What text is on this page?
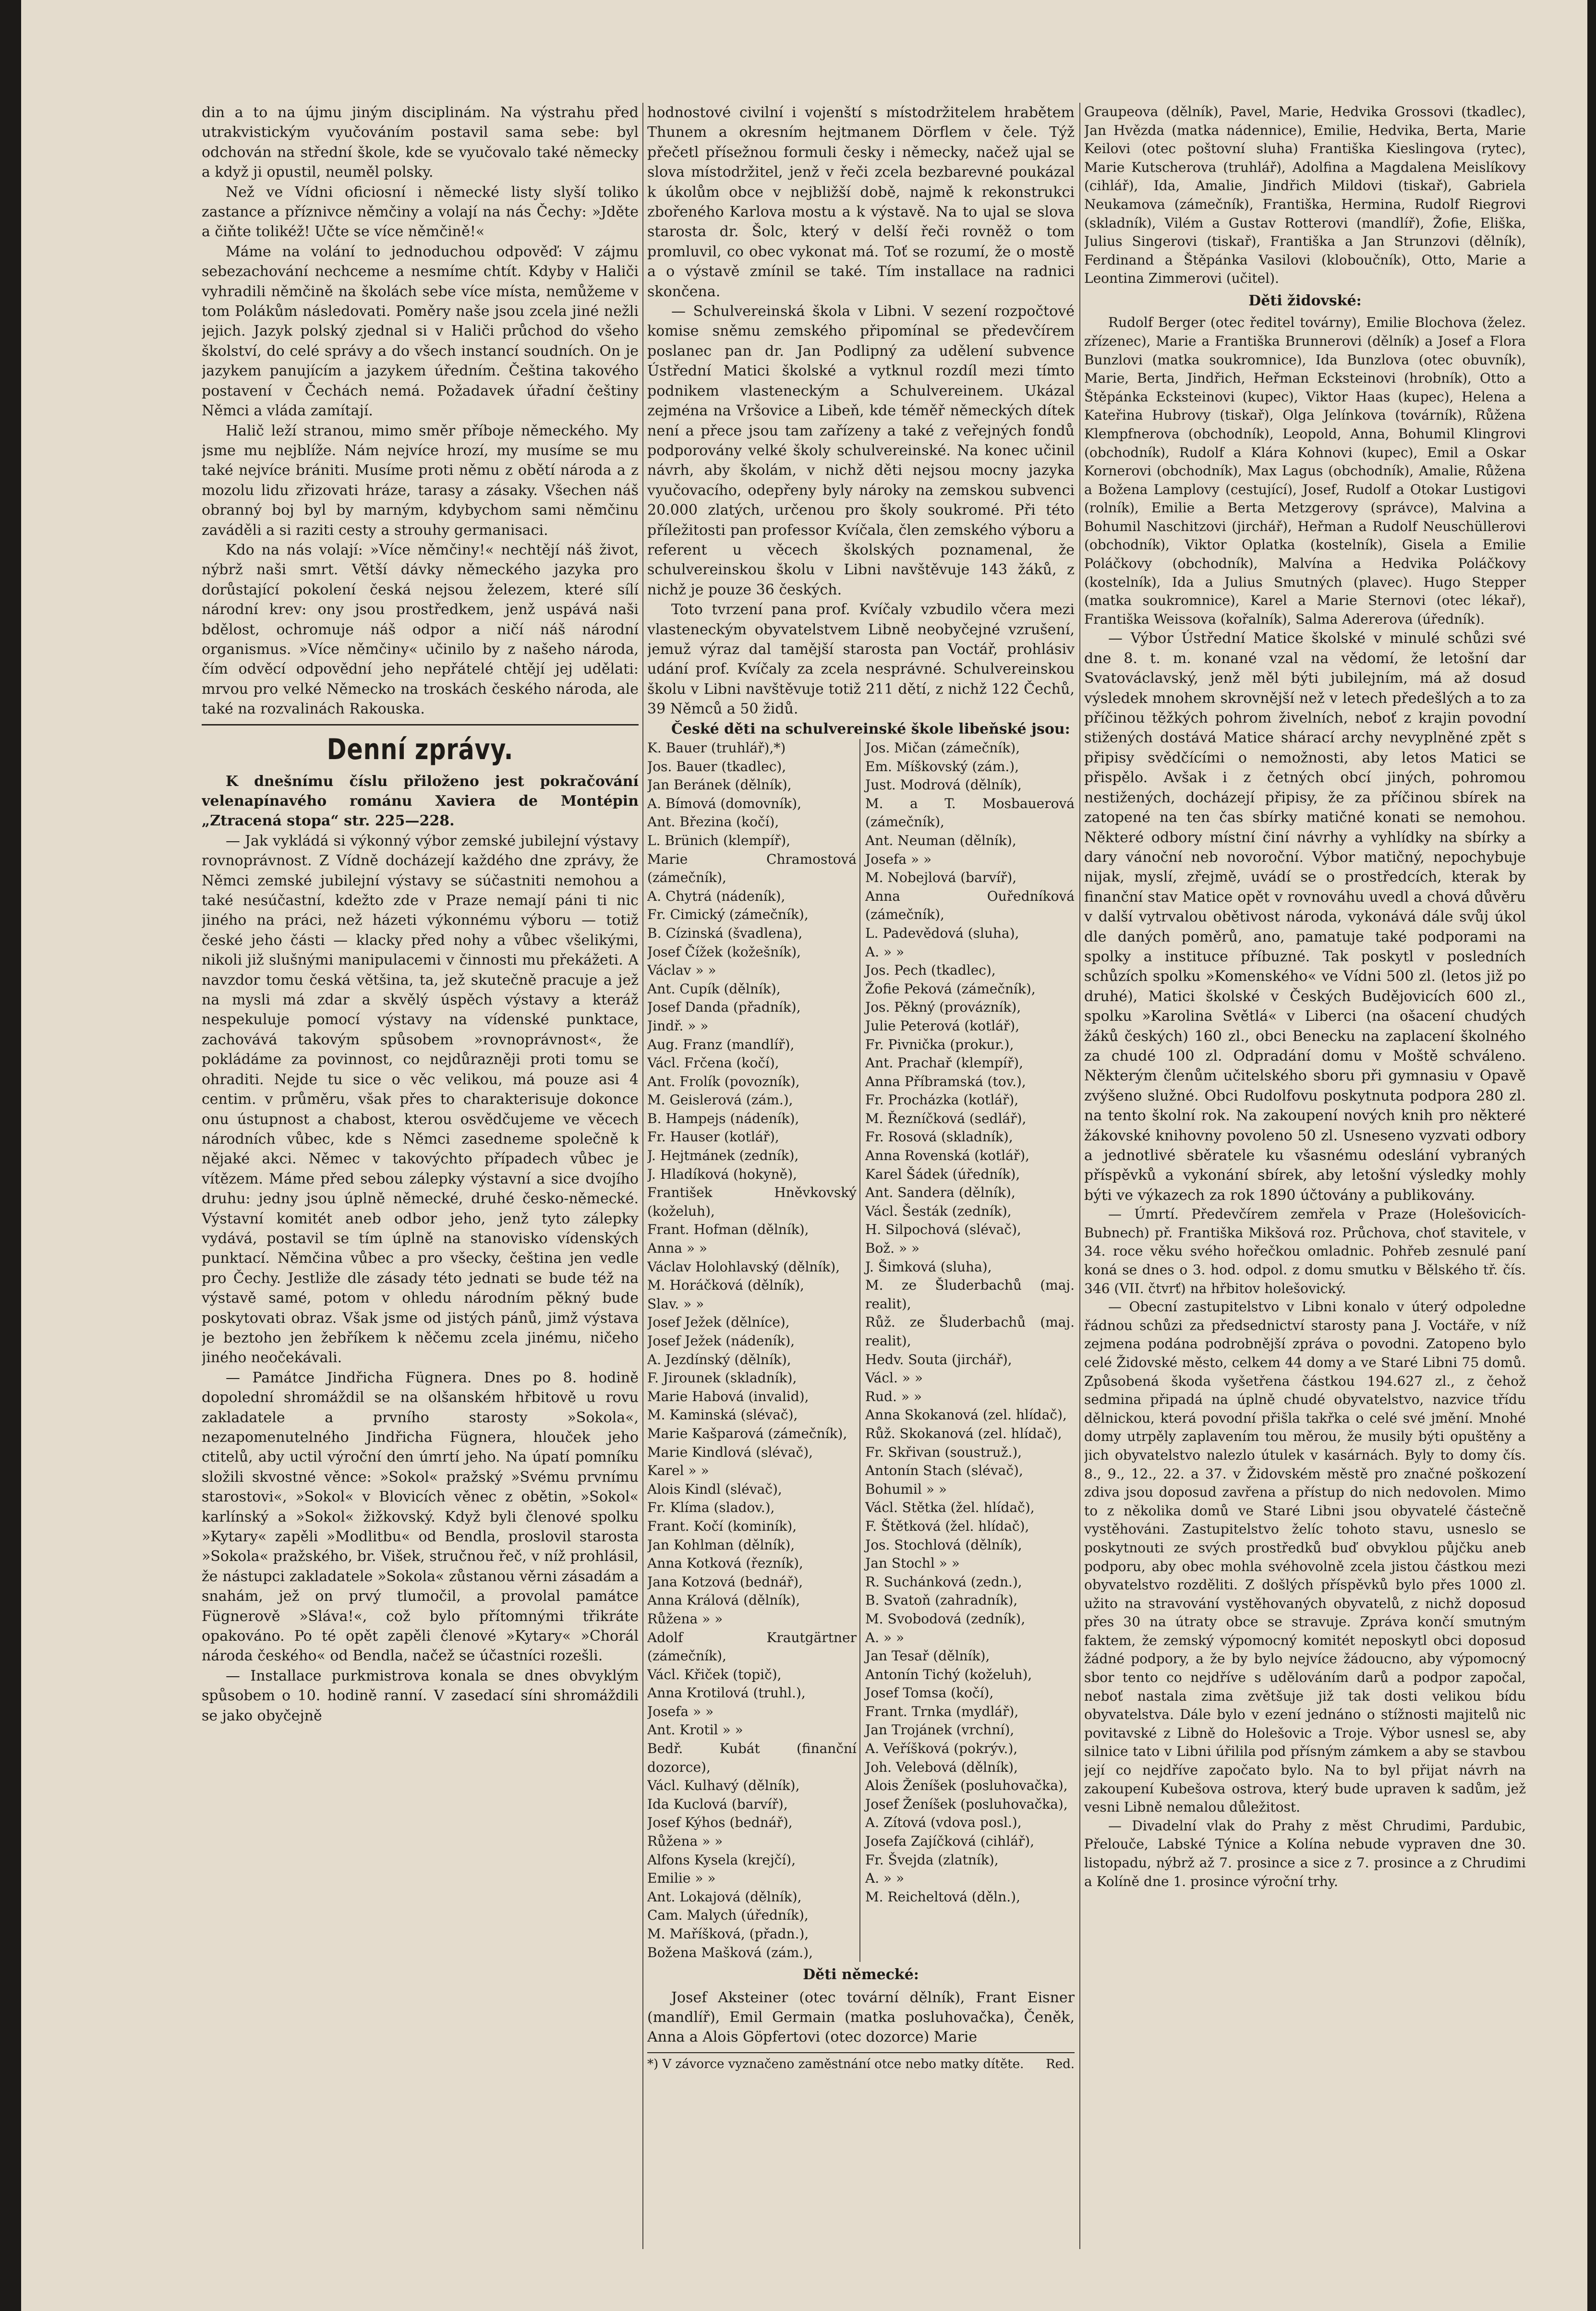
din a to na újmu jiným disciplinám. Na výstrahu před utrakvistickým vyučováním postavil sama sebe: byl odchován na střední škole, kde se vyučovalo také německy a když ji opustil, neuměl polsky.

Než ve Vídni oficiosní i německé listy slyší toliko zastance a příznivce němčiny a volají na nás Čechy: »Jděte a čiňte tolikéž! Učte se více němčině!«

Máme na volání to jednoduchou odpověď: V zájmu sebezachování nechceme a nesmíme chtít. Kdyby v Haliči vyhradili němčině na školách sebe více místa, nemůžeme v tom Polákům následovati. Poměry naše jsou zcela jiné nežli jejich. Jazyk polský zjednal si v Haliči průchod do všeho školství, do celé správy a do všech instancí soudních. On je jazykem panujícím a jazykem úředním. Čeština takového postavení v Čechách nemá. Požadavek úřadní češtiny Němci a vláda zamítají.

Halič leží stranou, mimo směr příboje německého. My jsme mu nejblíže. Nám nejvíce hrozí, my musíme se mu také nejvíce brániti. Musíme proti němu z obětí národa a z mozolu lidu zřizovati hráze, tarasy a zásaky. Všechen náš obranný boj byl by marným, kdybychom sami němčinu zaváděli a si raziti cesty a strouhy germanisaci.

Kdo na nás volají: »Více němčiny!« nechtějí náš život, nýbrž naši smrt. Větší dávky německého jazyka pro dorůstající pokolení česká nejsou železem, které sílí národní krev: ony jsou prostředkem, jenž uspává naši bdělost, ochromuje náš odpor a ničí náš národní organismus. »Více němčiny« učinilo by z našeho národa, čím odvěcí odpovědní jeho nepřátelé chtějí jej udělati: mrvou pro velké Německo na troskách českého národa, ale také na rozvalinách Rakouska.

Denní zprávy.

K dnešnímu číslu přiloženo jest pokračování velenapínavého románu Xaviera de Montépin „Ztracená stopa“ str. 225—228.

— Jak vykládá si výkonný výbor zemské jubilejní výstavy rovnoprávnost. Z Vídně docházejí každého dne zprávy, že Němci zemské jubilejní výstavy se súčastniti nemohou a také nesúčastní, kdežto zde v Praze nemají páni ti nic jiného na práci, než házeti výkonnému výboru — totiž české jeho části — klacky před nohy a vůbec všelikými, nikoli již slušnými manipulacemi v činnosti mu překážeti. A navzdor tomu česká většina, ta, jež skutečně pracuje a jež na mysli má zdar a skvělý úspěch výstavy a kteráž nespekuluje pomocí výstavy na vídenské punktace, zachovává takovým spůsobem »rovnoprávnost«, že pokládáme za povinnost, co nejdůrazněji proti tomu se ohraditi. Nejde tu sice o věc velikou, má pouze asi 4 centim. v průměru, však přes to charakterisuje dokonce onu ústupnost a chabost, kterou osvědčujeme ve věcech národních vůbec, kde s Němci zasedneme společně k nějaké akci. Němec v takovýchto případech vůbec je vítězem. Máme před sebou zálepky výstavní a sice dvojího druhu: jedny jsou úplně německé, druhé česko-německé. Výstavní komitét aneb odbor jeho, jenž tyto zálepky vydává, postavil se tím úplně na stanovisko vídenských punktací. Němčina vůbec a pro všecky, čeština jen vedle pro Čechy. Jestliže dle zásady této jednati se bude též na výstavě samé, potom v ohledu národním pěkný bude poskytovati obraz. Však jsme od jistých pánů, jimž výstava je beztoho jen žebříkem k něčemu zcela jinému, ničeho jiného neočekávali.

— Památce Jindřicha Fügnera. Dnes po 8. hodině dopolední shromáždil se na olšanském hřbitově u rovu zakladatele a prvního starosty »Sokola«, nezapomenutelného Jindřicha Fügnera, hlouček jeho ctitelů, aby uctil výroční den úmrtí jeho. Na úpatí pomníku složili skvostné věnce: »Sokol« pražský »Svému prvnímu starostovi«, »Sokol« v Blovicích věnec z obětin, »Sokol« karlínský a »Sokol« žižkovský. Když byli členové spolku »Kytary« zapěli »Modlitbu« od Bendla, proslovil starosta »Sokola« pražského, br. Višek, stručnou řeč, v níž prohlásil, že nástupci zakladatele »Sokola« zůstanou věrni zásadám a snahám, jež on prvý tlumočil, a provolal památce Fügnerově »Sláva!«, což bylo přítomnými třikráte opakováno. Po té opět zapěli členové »Kytary« »Chorál národa českého« od Bendla, načež se účastníci rozešli.

— Installace purkmistrova konala se dnes obvyklým spůsobem o 10. hodině ranní. V zasedací síni shromáždili se jako obyčejně

hodnostové civilní i vojenští s místodržitelem hrabětem Thunem a okresním hejtmanem Dörflem v čele. Týž přečetl přísežnou formuli česky i německy, načež ujal se slova místodržitel, jenž v řeči zcela bezbarevné poukázal k úkolům obce v nejbližší době, najmě k rekonstrukci zbořeného Karlova mostu a k výstavě. Na to ujal se slova starosta dr. Šolc, který v delší řeči rovněž o tom promluvil, co obec vykonat má. Toť se rozumí, že o mostě a o výstavě zmínil se také. Tím installace na radnici skončena.

— Schulvereinská škola v Libni. V sezení rozpočtové komise sněmu zemského připomínal se předevčírem poslanec pan dr. Jan Podlipný za udělení subvence Ústřední Matici školské a vytknul rozdíl mezi tímto podnikem vlasteneckým a Schulvereinem. Ukázal zejména na Vršovice a Libeň, kde téměř německých dítek není a přece jsou tam zařízeny a také z veřejných fondů podporovány velké školy schulvereinské. Na konec učinil návrh, aby školám, v nichž děti nejsou mocny jazyka vyučovacího, odepřeny byly nároky na zemskou subvenci 20.000 zlatých, určenou pro školy soukromé. Při této příležitosti pan professor Kvíčala, člen zemského výboru a referent u věcech školských poznamenal, že schulvereinskou školu v Libni navštěvuje 143 žáků, z nichž je pouze 36 českých.

Toto tvrzení pana prof. Kvíčaly vzbudilo včera mezi vlasteneckým obyvatelstvem Libně neobyčejné vzrušení, jemuž výraz dal tamější starosta pan Voctář, prohlásiv udání prof. Kvíčaly za zcela nesprávné. Schulvereinskou školu v Libni navštěvuje totiž 211 dětí, z nichž 122 Čechů, 39 Němců a 50 židů.

České děti na schulvereinské škole libeňské jsou:

K. Bauer (truhlář),*)
Jos. Bauer (tkadlec),
Jan Beránek (dělník),
A. Bímová (domovník),
Ant. Březina (kočí),
L. Brünich (klempíř),
Marie Chramostová (zámečník),
A. Chytrá (nádeník),
Fr. Cimický (zámečník),
B. Cízinská (švadlena),
Josef Čížek (kožešník),
Václav » »
Ant. Cupík (dělník),
Josef Danda (přadník),
Jindř. » »
Aug. Franz (mandlíř),
Václ. Frčena (kočí),
Ant. Frolík (povozník),
M. Geislerová (zám.),
B. Hampejs (nádeník),
Fr. Hauser (kotlář),
J. Hejtmánek (zedník),
J. Hladíková (hokyně),
František Hněvkovský (koželuh),
Frant. Hofman (dělník),
Anna » »
Václav Holohlavský (dělník),
M. Horáčková (dělník),
Slav. » »
Josef Ježek (dělníce),
Josef Ježek (nádeník),
A. Jezdínský (dělník),
F. Jirounek (skladník),
Marie Habová (invalid),
M. Kaminská (slévač),
Marie Kašparová (zámečník),
Marie Kindlová (slévač),
Karel » »
Alois Kindl (slévač),
Fr. Klíma (sladov.),
Frant. Kočí (kominík),
Jan Kohlman (dělník),
Anna Kotková (řezník),
Jana Kotzová (bednář),
Anna Králová (dělník),
Růžena » »
Adolf Krautgärtner (zámečník),
Václ. Křiček (topič),
Anna Krotilová (truhl.),
Josefa » »
Ant. Krotil » »
Bedř. Kubát (finanční dozorce),
Václ. Kulhavý (dělník),
Ida Kuclová (barvíř),
Josef Kýhos (bednář),
Růžena » »
Alfons Kysela (krejčí),
Emilie » »
Ant. Lokajová (dělník),
Cam. Malych (úředník),
M. Maříšková, (přadn.),
Božena Mašková (zám.),
Jos. Mičan (zámečník),
Em. Míškovský (zám.),
Just. Modrová (dělník),
M. a T. Mosbauerová (zámečník),
Ant. Neuman (dělník),
Josefa » »
M. Nobejlová (barvíř),
Anna Ouředníková (zámečník),
L. Padevědová (sluha),
A. » »
Jos. Pech (tkadlec),
Žofie Peková (zámečník),
Jos. Pěkný (provázník),
Julie Peterová (kotlář),
Fr. Pivnička (prokur.),
Ant. Prachař (klempíř),
Anna Příbramská (tov.),
Fr. Procházka (kotlář),
M. Řezníčková (sedlář),
Fr. Rosová (skladník),
Anna Rovenská (kotlář),
Karel Šádek (úředník),
Ant. Sandera (dělník),
Václ. Šesták (zedník),
H. Silpochová (slévač),
Bož. » »
J. Šimková (sluha),
M. ze Šluderbachů (maj. realit),
Růž. ze Šluderbachů (maj. realit),
Hedv. Souta (jirchář),
Václ. » »
Rud. » »
Anna Skokanová (zel. hlídač),
Růž. Skokanová (zel. hlídač),
Fr. Skřivan (soustruž.),
Antonín Stach (slévač),
Bohumil » »
Václ. Stětka (žel. hlídač),
F. Štětková (žel. hlídač),
Jos. Stochlová (dělník),
Jan Stochl » »
R. Suchánková (zedn.),
B. Svatoň (zahradník),
M. Svobodová (zedník),
A. » »
Jan Tesař (dělník),
Antonín Tichý (koželuh),
Josef Tomsa (kočí),
Frant. Trnka (mydlář),
Jan Trojánek (vrchní),
A. Veříšková (pokrýv.),
Joh. Velebová (dělník),
Alois Ženíšek (posluhovačka),
Josef Ženíšek (posluhovačka),
A. Zítová (vdova posl.),
Josefa Zajíčková (cihlář),
Fr. Švejda (zlatník),
A. » »
M. Reicheltová (děln.),
Děti německé:

Josef Aksteiner (otec tovární dělník), Frant Eisner (mandlíř), Emil Germain (matka posluhovačka), Čeněk, Anna a Alois Göpfertovi (otec dozorce) Marie

*) V závorce vyznačeno zaměstnání otce nebo matky dítěte. Red.

Graupeova (dělník), Pavel, Marie, Hedvika Grossovi (tkadlec), Jan Hvězda (matka nádennice), Emilie, Hedvika, Berta, Marie Keilovi (otec poštovní sluha) Františka Kieslingova (rytec), Marie Kutscherova (truhlář), Adolfina a Magdalena Meislíkovy (cihlář), Ida, Amalie, Jindřich Mildovi (tiskař), Gabriela Neukamova (zámečník), Františka, Hermina, Rudolf Riegrovi (skladník), Vilém a Gustav Rotterovi (mandlíř), Žofie, Eliška, Julius Singerovi (tiskař), Františka a Jan Strunzovi (dělník), Ferdinand a Štěpánka Vasilovi (kloboučník), Otto, Marie a Leontina Zimmerovi (učitel).

Děti židovské:

Rudolf Berger (otec ředitel továrny), Emilie Blochova (želez. zřízenec), Marie a Františka Brunnerovi (dělník) a Josef a Flora Bunzlovi (matka soukromnice), Ida Bunzlova (otec obuvník), Marie, Berta, Jindřich, Heřman Ecksteinovi (hrobník), Otto a Štěpánka Ecksteinovi (kupec), Viktor Haas (kupec), Helena a Kateřina Hubrovy (tiskař), Olga Jelínkova (továrník), Růžena Klempfnerova (obchodník), Leopold, Anna, Bohumil Klingrovi (obchodník), Rudolf a Klára Kohnovi (kupec), Emil a Oskar Kornerovi (obchodník), Max Lagus (obchodník), Amalie, Růžena a Božena Lamplovy (cestující), Josef, Rudolf a Otokar Lustigovi (rolník), Emilie a Berta Metzgerovy (správce), Malvina a Bohumil Naschitzovi (jirchář), Heřman a Rudolf Neuschüllerovi (obchodník), Viktor Oplatka (kostelník), Gisela a Emilie Poláčkovy (obchodník), Malvína a Hedvika Poláčkovy (kostelník), Ida a Julius Smutných (plavec). Hugo Stepper (matka soukromnice), Karel a Marie Sternovi (otec lékař), Františka Weissova (kořalník), Salma Adererova (úředník).

— Výbor Ústřední Matice školské v minulé schůzi své dne 8. t. m. konané vzal na vědomí, že letošní dar Svatováclavský, jenž měl býti jubilejním, má až dosud výsledek mnohem skrovnější než v letech předešlých a to za příčinou těžkých pohrom živelních, neboť z krajin povodní stižených dostává Matice shárací archy nevyplněné zpět s připisy svědčícími o nemožnosti, aby letos Matici se přispělo. Avšak i z četných obcí jiných, pohromou nestižených, docházejí připisy, že za příčinou sbírek na zatopené na ten čas sbírky matičné konati se nemohou. Některé odbory místní činí návrhy a vyhlídky na sbírky a dary vánoční neb novoroční. Výbor matičný, nepochybuje nijak, myslí, zřejmě, uvádí se o prostředcích, kterak by finanční stav Matice opět v rovnováhu uvedl a chová důvěru v další vytrvalou obětivost národa, vykonává dále svůj úkol dle daných poměrů, ano, pamatuje také podporami na spolky a instituce příbuzné. Tak poskytl v posledních schůzích spolku »Komenského« ve Vídni 500 zl. (letos již po druhé), Matici školské v Českých Budějovicích 600 zl., spolku »Karolina Světlá« v Liberci (na ošacení chudých žáků českých) 160 zl., obci Benecku na zaplacení školného za chudé 100 zl. Odpradání domu v Moště schváleno. Některým členům učitelského sboru při gymnasiu v Opavě zvýšeno služné. Obci Rudolfovu poskytnuta podpora 280 zl. na tento školní rok. Na zakoupení nových knih pro některé žákovské knihovny povoleno 50 zl. Usneseno vyzvati odbory a jednotlivé sběratele ku všasnému odeslání vybraných příspěvků a vykonání sbírek, aby letošní výsledky mohly býti ve výkazech za rok 1890 účtovány a publikovány.

— Úmrtí. Předevčírem zemřela v Praze (Holešovicích-Bubnech) př. Františka Mikšová roz. Průchova, choť stavitele, v 34. roce věku svého hořečkou omladnic. Pohřeb zesnulé paní koná se dnes o 3. hod. odpol. z domu smutku v Bělského tř. čís. 346 (VII. čtvrť) na hřbitov holešovický.

— Obecní zastupitelstvo v Libni konalo v úterý odpoledne řádnou schůzi za předsednictví starosty pana J. Voctáře, v níž zejmena podána podrobnější zpráva o povodni. Zatopeno bylo celé Židovské město, celkem 44 domy a ve Staré Libni 75 domů. Způsobená škoda vyšetřena částkou 194.627 zl., z čehož sedmina připadá na úplně chudé obyvatelstvo, nazvice třídu dělnickou, která povodní přišla takřka o celé své jmění. Mnohé domy utrpěly zaplavením tou měrou, že musily býti opuštěny a jich obyvatelstvo nalezlo útulek v kasárnách. Byly to domy čís. 8., 9., 12., 22. a 37. v Židovském městě pro značné poškození zdiva jsou doposud zavřena a přístup do nich nedovolen. Mimo to z několika domů ve Staré Libni jsou obyvatelé částečně vystěhováni. Zastupitelstvo želíc tohoto stavu, usneslo se poskytnouti ze svých prostředků buď obvyklou půjčku aneb podporu, aby obec mohla svéhovolně zcela jistou částkou mezi obyvatelstvo rozděliti. Z došlých příspěvků bylo přes 1000 zl. užito na stravování vystěhovaných obyvatelů, z nichž doposud přes 30 na útraty obce se stravuje. Zpráva končí smutným faktem, že zemský výpomocný komitét neposkytl obci doposud žádné podpory, a že by bylo nejvíce žádoucno, aby výpomocný sbor tento co nejdříve s udělováním darů a podpor započal, neboť nastala zima zvětšuje již tak dosti velikou bídu obyvatelstva. Dále bylo v ezení jednáno o stížnosti majitelů nic povitavské z Libně do Holešovic a Troje. Výbor usnesl se, aby silnice tato v Libni úřilila pod přísným zámkem a aby se stavbou její co nejdříve započato bylo. Na to byl přijat návrh na zakoupení Kubešova ostrova, který bude upraven k sadům, jež vesni Libně nemalou důležitost.

— Divadelní vlak do Prahy z měst Chrudimi, Pardubic, Přelouče, Labské Týnice a Kolína nebude vypraven dne 30. listopadu, nýbrž až 7. prosince a sice z 7. prosince a z Chrudimi a Kolíně dne 1. prosince výroční trhy.
